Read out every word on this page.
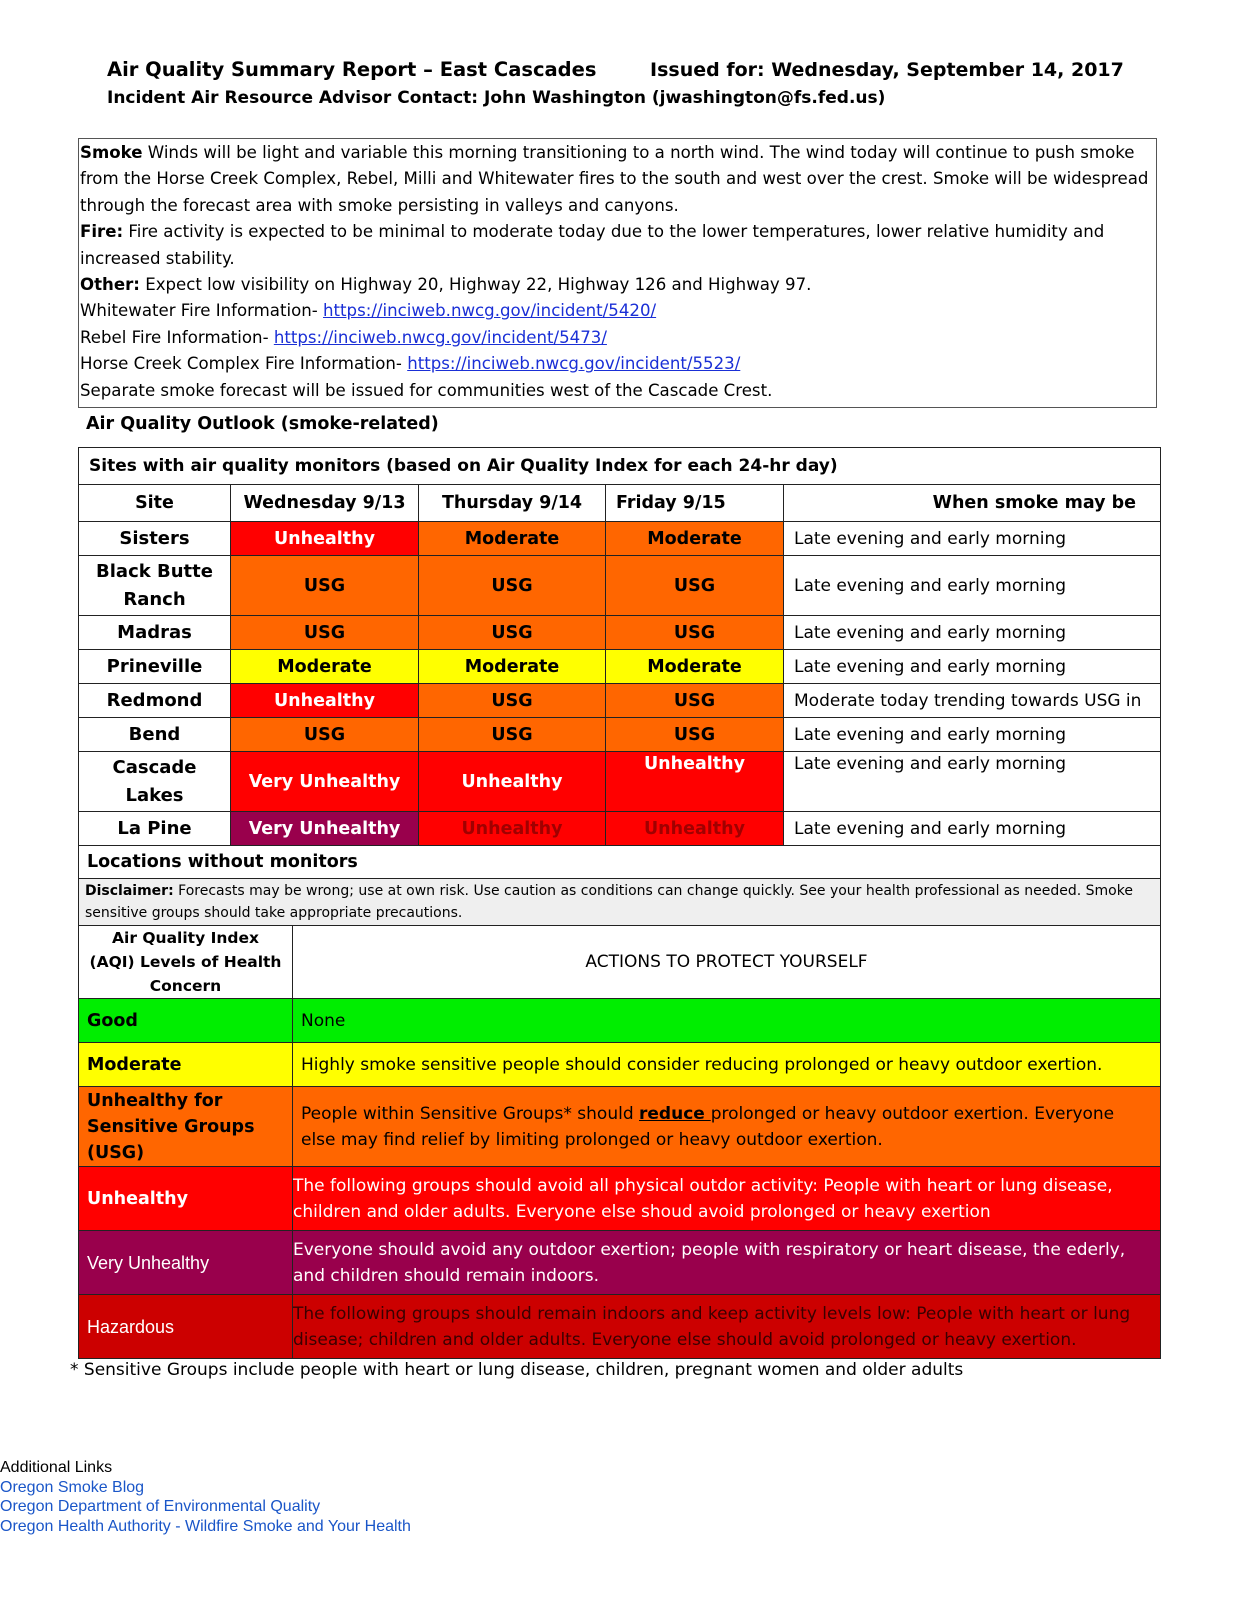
Air Quality Summary Report – East Cascades	Issued for: Wednesday, September 14, 2017
Incident Air Resource Advisor Contact: John Washington (jwashington@fs.fed.us)

Smoke Winds will be light and variable this morning transitioning to a north wind. The wind today will continue to push smoke from the Horse Creek Complex, Rebel, Milli and Whitewater fires to the south and west over the crest. Smoke will be widespread through the forecast area with smoke persisting in valleys and canyons.

Fire: Fire activity is expected to be minimal to moderate today due to the lower temperatures, lower relative humidity and increased stability.

Other: Expect low visibility on Highway 20, Highway 22, Highway 126 and Highway 97.

Whitewater Fire Information- https://inciweb.nwcg.gov/incident/5420/

Rebel Fire Information- https://inciweb.nwcg.gov/incident/5473/

Horse Creek Complex Fire Information- https://inciweb.nwcg.gov/incident/5523/

Separate smoke forecast will be issued for communities west of the Cascade Crest.

Air Quality Outlook (smoke-related)
Sites with air quality monitors (based on Air Quality Index for each 24-hr day)				
Site	Wednesday 9/13	Thursday 9/14	Friday 9/15	When smoke may be
Sisters	Unhealthy	Moderate	Moderate	Late evening and early morning
Black Butte Ranch	USG	USG	USG	Late evening and early morning
Madras	USG	USG	USG	Late evening and early morning
Prineville	Moderate	Moderate	Moderate	Late evening and early morning
Redmond	Unhealthy	USG	USG	Moderate today trending towards USG in
Bend	USG	USG	USG	Late evening and early morning
Cascade Lakes	Very Unhealthy	Unhealthy	Unhealthy	Late evening and early morning
La Pine	Very Unhealthy	Unhealthy	Unhealthy	Late evening and early morning
Locations without monitors	
Disclaimer: Forecasts may be wrong; use at own risk. Use caution as conditions can change quickly. See your health professional as needed. Smoke sensitive groups should take appropriate precautions.	
Air Quality Index (AQI) Levels of Health Concern	ACTIONS TO PROTECT YOURSELF
Good	None
Moderate	Highly smoke sensitive people should consider reducing prolonged or heavy outdoor exertion.
Unhealthy for Sensitive Groups (USG)	People within Sensitive Groups* should reduce prolonged or heavy outdoor exertion. Everyone else may find relief by limiting prolonged or heavy outdoor exertion.
Unhealthy	The following groups should avoid all physical outdor activity: People with heart or lung disease, children and older adults. Everyone else shoud avoid prolonged or heavy exertion
Very Unhealthy	Everyone should avoid any outdoor exertion; people with respiratory or heart disease, the ederly, and children should remain indoors.
Hazardous	The following groups should remain indoors and keep activity levels low: People with heart or lung disease; children and older adults. Everyone else should avoid prolonged or heavy exertion.
* Sensitive Groups include people with heart or lung disease, children, pregnant women and older adults
Additional Links
Oregon Smoke Blog
Oregon Department of Environmental Quality
Oregon Health Authority - Wildfire Smoke and Your Health
